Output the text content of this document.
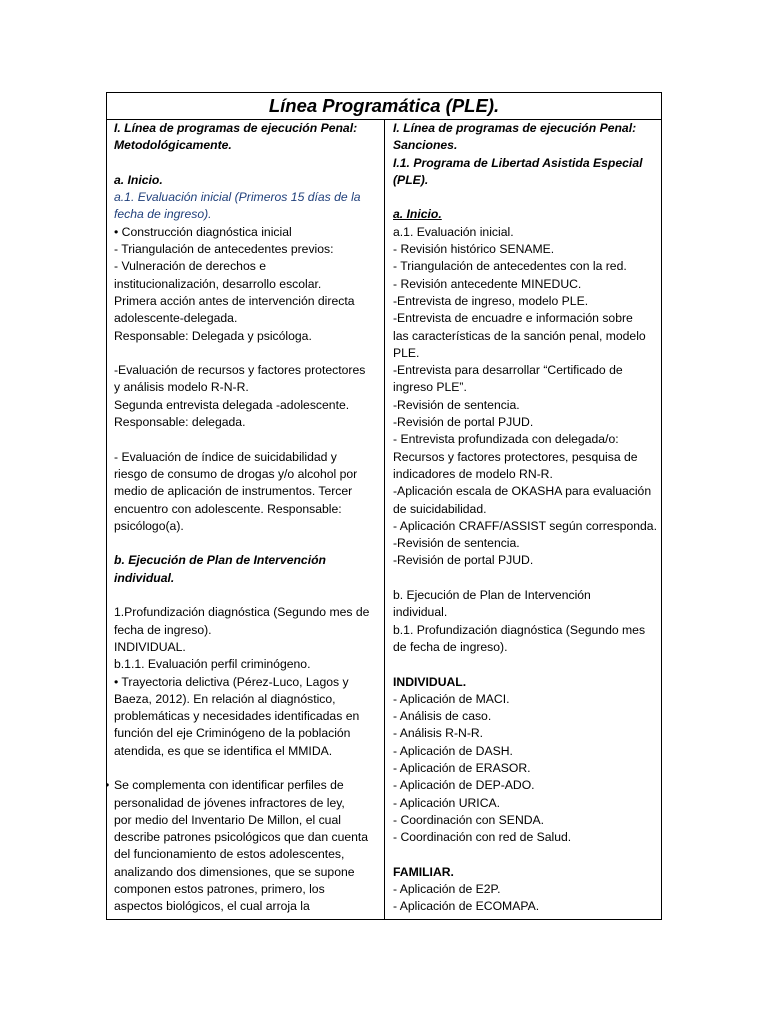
Línea Programática (PLE).
I. Línea de programas de ejecución Penal:
Metodológicamente.
a. Inicio.
a.1. Evaluación inicial (Primeros 15 días de la
fecha de ingreso).
• Construcción diagnóstica inicial
- Triangulación de antecedentes previos:
- Vulneración de derechos e
institucionalización, desarrollo escolar.
Primera acción antes de intervención directa
adolescente-delegada.
Responsable: Delegada y psicóloga.
-Evaluación de recursos y factores protectores
y análisis modelo R-N-R.
Segunda entrevista delegada -adolescente.
Responsable: delegada.
- Evaluación de índice de suicidabilidad y
riesgo de consumo de drogas y/o alcohol por
medio de aplicación de instrumentos. Tercer
encuentro con adolescente. Responsable:
psicólogo(a).
b. Ejecución de Plan de Intervención
individual.
1.Profundización diagnóstica (Segundo mes de
fecha de ingreso).
INDIVIDUAL.
b.1.1. Evaluación perfil criminógeno.
• Trayectoria delictiva (Pérez-Luco, Lagos y
Baeza, 2012). En relación al diagnóstico,
problemáticas y necesidades identificadas en
función del eje Criminógeno de la población
atendida, es que se identifica el MMIDA.
• Se complementa con identificar perfiles de
personalidad de jóvenes infractores de ley,
por medio del Inventario De Millon, el cual
describe patrones psicológicos que dan cuenta
del funcionamiento de estos adolescentes,
analizando dos dimensiones, que se supone
componen estos patrones, primero, los
aspectos biológicos, el cual arroja la
I. Línea de programas de ejecución Penal:
Sanciones.
I.1. Programa de Libertad Asistida Especial
(PLE).
a. Inicio.
a.1. Evaluación inicial.
- Revisión histórico SENAME.
- Triangulación de antecedentes con la red.
- Revisión antecedente MINEDUC.
-Entrevista de ingreso, modelo PLE.
-Entrevista de encuadre e información sobre
las características de la sanción penal, modelo
PLE.
-Entrevista para desarrollar “Certificado de
ingreso PLE”.
-Revisión de sentencia.
-Revisión de portal PJUD.
- Entrevista profundizada con delegada/o:
Recursos y factores protectores, pesquisa de
indicadores de modelo RN-R.
-Aplicación escala de OKASHA para evaluación
de suicidabilidad.
- Aplicación CRAFF/ASSIST según corresponda.
-Revisión de sentencia.
-Revisión de portal PJUD.
b. Ejecución de Plan de Intervención
individual.
b.1. Profundización diagnóstica (Segundo mes
de fecha de ingreso).
INDIVIDUAL.
- Aplicación de MACI.
- Análisis de caso.
- Análisis R-N-R.
- Aplicación de DASH.
- Aplicación de ERASOR.
- Aplicación de DEP-ADO.
- Aplicación URICA.
- Coordinación con SENDA.
- Coordinación con red de Salud.
FAMILIAR.
- Aplicación de E2P.
- Aplicación de ECOMAPA.
